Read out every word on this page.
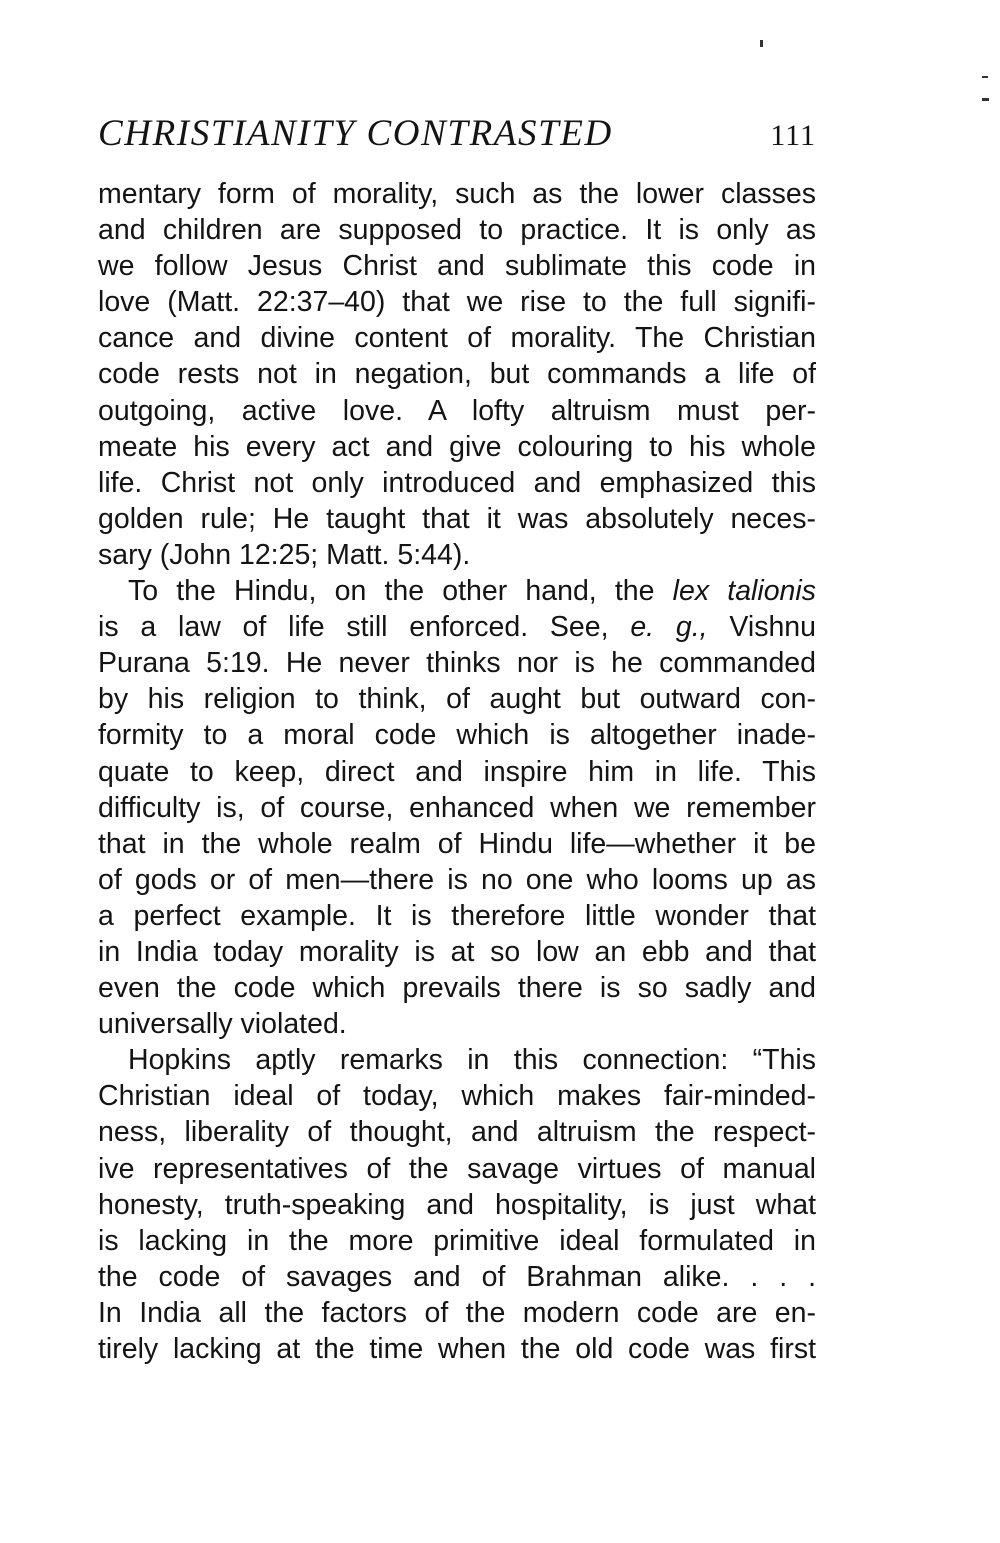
CHRISTIANITY CONTRASTED	111
mentary form of morality, such as the lower classes
and children are supposed to practice. It is only as
we follow Jesus Christ and sublimate this code in
love (Matt. 22:37–40) that we rise to the full signifi-
cance and divine content of morality. The Christian
code rests not in negation, but commands a life of
outgoing, active love. A lofty altruism must per-
meate his every act and give colouring to his whole
life. Christ not only introduced and emphasized this
golden rule; He taught that it was absolutely neces-
sary (John 12:25; Matt. 5:44).
To the Hindu, on the other hand, the lex talionis
is a law of life still enforced. See, e. g., Vishnu
Purana 5:19. He never thinks nor is he commanded
by his religion to think, of aught but outward con-
formity to a moral code which is altogether inade-
quate to keep, direct and inspire him in life. This
difficulty is, of course, enhanced when we remember
that in the whole realm of Hindu life—whether it be
of gods or of men—there is no one who looms up as
a perfect example. It is therefore little wonder that
in India today morality is at so low an ebb and that
even the code which prevails there is so sadly and
universally violated.
Hopkins aptly remarks in this connection: “This
Christian ideal of today, which makes fair-minded-
ness, liberality of thought, and altruism the respect-
ive representatives of the savage virtues of manual
honesty, truth-speaking and hospitality, is just what
is lacking in the more primitive ideal formulated in
the code of savages and of Brahman alike. . . .
In India all the factors of the modern code are en-
tirely lacking at the time when the old code was first
